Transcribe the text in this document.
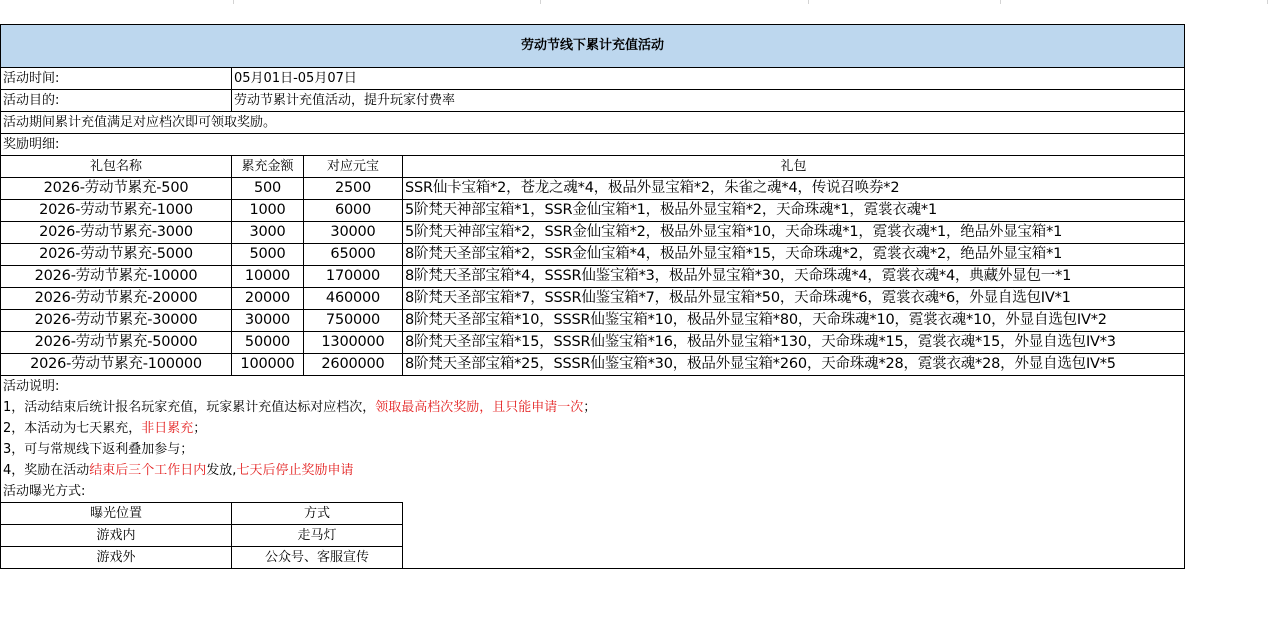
劳动节线下累计充值活动			
活动时间:	05月01日-05月07日		
活动目的:	劳动节累计充值活动，提升玩家付费率		
活动期间累计充值满足对应档次即可领取奖励。			
奖励明细:			
礼包名称	累充金额	对应元宝	礼包
2026-劳动节累充-500	500	2500	SSR仙卡宝箱*2，苍龙之魂*4，极品外显宝箱*2，朱雀之魂*4，传说召唤券*2
2026-劳动节累充-1000	1000	6000	5阶梵天神部宝箱*1，SSR金仙宝箱*1，极品外显宝箱*2，天命珠魂*1，霓裳衣魂*1
2026-劳动节累充-3000	3000	30000	5阶梵天神部宝箱*2，SSR金仙宝箱*2，极品外显宝箱*10，天命珠魂*1，霓裳衣魂*1，绝品外显宝箱*1
2026-劳动节累充-5000	5000	65000	8阶梵天圣部宝箱*2，SSR金仙宝箱*4，极品外显宝箱*15，天命珠魂*2，霓裳衣魂*2，绝品外显宝箱*1
2026-劳动节累充-10000	10000	170000	8阶梵天圣部宝箱*4，SSSR仙鉴宝箱*3，极品外显宝箱*30，天命珠魂*4，霓裳衣魂*4，典藏外显包一*1
2026-劳动节累充-20000	20000	460000	8阶梵天圣部宝箱*7，SSSR仙鉴宝箱*7，极品外显宝箱*50，天命珠魂*6，霓裳衣魂*6，外显自选包IV*1
2026-劳动节累充-30000	30000	750000	8阶梵天圣部宝箱*10，SSSR仙鉴宝箱*10，极品外显宝箱*80，天命珠魂*10，霓裳衣魂*10，外显自选包IV*2
2026-劳动节累充-50000	50000	1300000	8阶梵天圣部宝箱*15，SSSR仙鉴宝箱*16，极品外显宝箱*130，天命珠魂*15，霓裳衣魂*15，外显自选包IV*3
2026-劳动节累充-100000	100000	2600000	8阶梵天圣部宝箱*25，SSSR仙鉴宝箱*30，极品外显宝箱*260，天命珠魂*28，霓裳衣魂*28，外显自选包IV*5
活动说明:			
1，活动结束后统计报名玩家充值，玩家累计充值达标对应档次，领取最高档次奖励，且只能申请一次；			
2，本活动为七天累充，非日累充；			
3，可与常规线下返利叠加参与；			
4，奖励在活动结束后三个工作日内发放,七天后停止奖励申请			
活动曝光方式:			
曝光位置	方式		
游戏内	走马灯		
游戏外	公众号、客服宣传		
